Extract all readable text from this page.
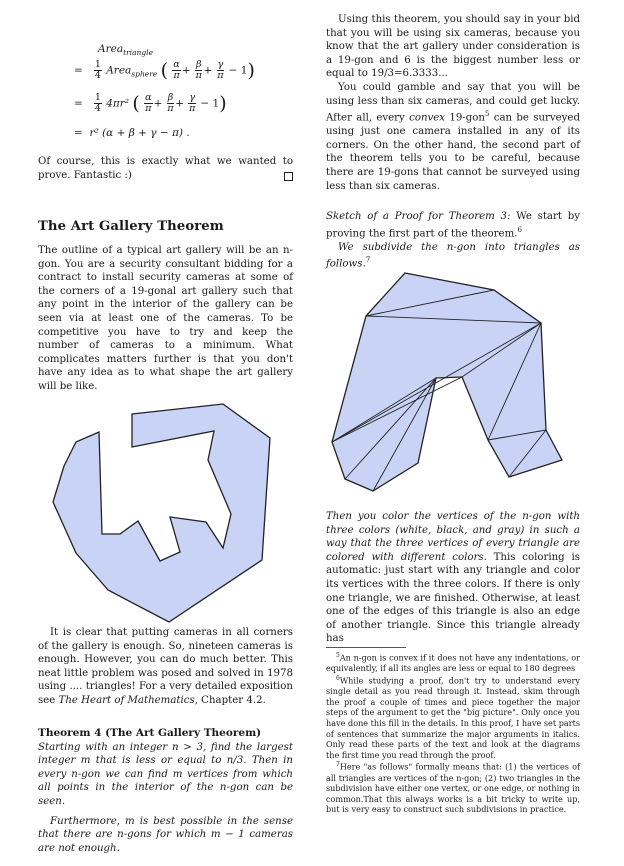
Area$_{triangle}$
= $\frac{1}{4}$ Area$_{sphere}$ ( $\frac{\alpha}{\pi} + \frac{\beta}{\pi} + \frac{\gamma}{\pi} - 1$)
= $\frac{1}{4} 4\pi r^2$ ( $\frac{\alpha}{\pi} + \frac{\beta}{\pi} + \frac{\gamma}{\pi} - 1$)
= r² (α + β + γ − π) .

Of course, this is exactly what we wanted to prove. Fantastic :)

The Art Gallery Theorem

The outline of a typical art gallery will be an n-gon. You are a security consultant bidding for a contract to install security cameras at some of the corners of a 19-gonal art gallery such that any point in the interior of the gallery can be seen via at least one of the cameras. To be competitive you have to try and keep the number of cameras to a minimum. What complicates matters further is that you don't have any idea as to what shape the art gallery will be like.

It is clear that putting cameras in all corners of the gallery is enough. So, nineteen cameras is enough. However, you can do much better. This neat little problem was posed and solved in 1978 using .... triangles! For a very detailed exposition see The Heart of Mathematics, Chapter 4.2.

Theorem 4 (The Art Gallery Theorem)

Starting with an integer n > 3, find the largest integer m that is less or equal to n/3. Then in every n-gon we can find m vertices from which all points in the interior of the n-gon can be seen.

Furthermore, m is best possible in the sense that there are n-gons for which m − 1 cameras are not enough.

Using this theorem, you should say in your bid that you will be using six cameras, because you know that the art gallery under consideration is a 19-gon and 6 is the biggest number less or equal to 19/3=6.3333...

You could gamble and say that you will be using less than six cameras, and could get lucky. After all, every convex 19-gon$^5$ can be surveyed using just one camera installed in any of its corners. On the other hand, the second part of the theorem tells you to be careful, because there are 19-gons that cannot be surveyed using less than six cameras.

Sketch of a Proof for Theorem 3: We start by proving the first part of the theorem.$^6$

We subdivide the n-gon into triangles as follows.$^7$

Then you color the vertices of the n-gon with three colors (white, black, and gray) in such a way that the three vertices of every triangle are colored with different colors. This coloring is automatic: just start with any triangle and color its vertices with the three colors. If there is only one triangle, we are finished. Otherwise, at least one of the edges of this triangle is also an edge of another triangle. Since this triangle already has

$^5$An n-gon is convex if it does not have any indentations, or equivalently, if all its angles are less or equal to 180 degrees

$^6$While studying a proof, don't try to understand every single detail as you read through it. Instead, skim through the proof a couple of times and piece together the major steps of the argument to get the "big picture". Only once you have done this fill in the details. In this proof, I have set parts of sentences that summarize the major arguments in italics. Only read these parts of the text and look at the diagrams the first time you read through the proof.

$^7$Here "as follows" formally means that: (1) the vertices of all triangles are vertices of the n-gon; (2) two triangles in the subdivision have either one vertex, or one edge, or nothing in common.That this always works is a bit tricky to write up, but is very easy to construct such subdivisions in practice.
